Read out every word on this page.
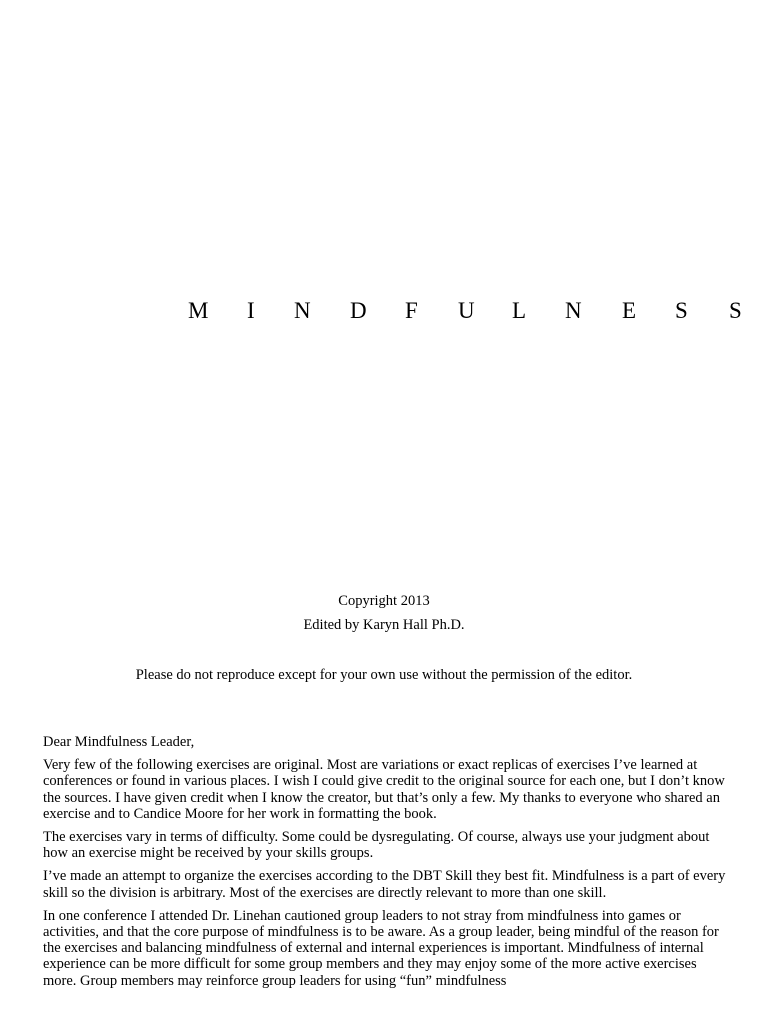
M I N D F U L N E S S
Copyright 2013
Edited by Karyn Hall Ph.D.
Please do not reproduce except for your own use without the permission of the editor.

Dear Mindfulness Leader,

Very few of the following exercises are original. Most are variations or exact replicas of exercises I’ve learned at conferences or found in various places. I wish I could give credit to the original source for each one, but I don’t know the sources. I have given credit when I know the creator, but that’s only a few. My thanks to everyone who shared an exercise and to Candice Moore for her work in formatting the book.

The exercises vary in terms of difficulty. Some could be dysregulating. Of course, always use your judgment about how an exercise might be received by your skills groups.

I’ve made an attempt to organize the exercises according to the DBT Skill they best fit. Mindfulness is a part of every skill so the division is arbitrary. Most of the exercises are directly relevant to more than one skill.

In one conference I attended Dr. Linehan cautioned group leaders to not stray from mindfulness into games or activities, and that the core purpose of mindfulness is to be aware. As a group leader, being mindful of the reason for the exercises and balancing mindfulness of external and internal experiences is important. Mindfulness of internal experience can be more difficult for some group members and they may enjoy some of the more active exercises more. Group members may reinforce group leaders for using “fun” mindfulness
